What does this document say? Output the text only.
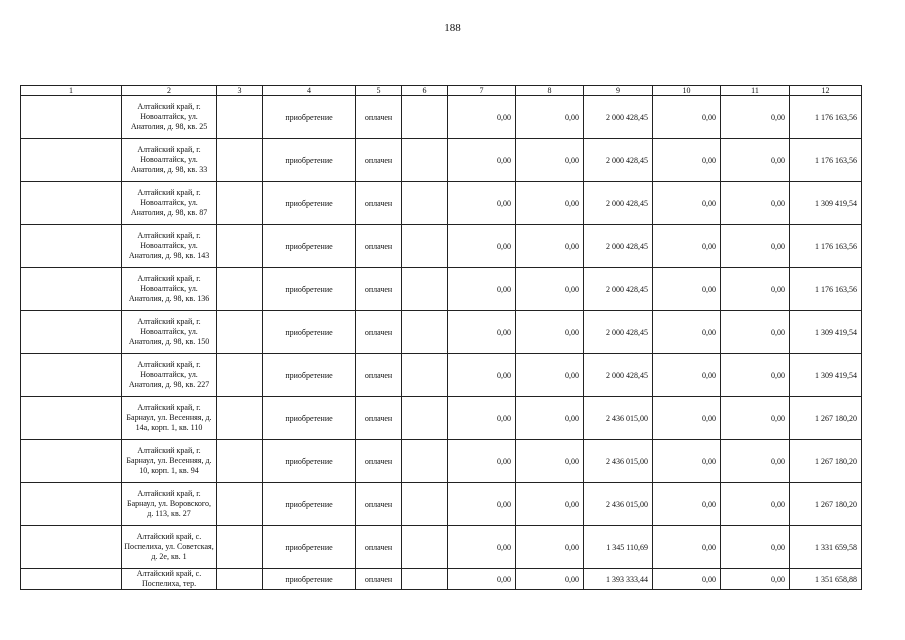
188
1	2	3	4	5	6	7	8	9	10	11	12
	Алтайский край, г. Новоалтайск, ул. Анатолия, д. 98, кв. 25		приобретение	оплачен		0,00	0,00	2 000 428,45	0,00	0,00	1 176 163,56
	Алтайский край, г. Новоалтайск, ул. Анатолия, д. 98, кв. 33		приобретение	оплачен		0,00	0,00	2 000 428,45	0,00	0,00	1 176 163,56
	Алтайский край, г. Новоалтайск, ул. Анатолия, д. 98, кв. 87		приобретение	оплачен		0,00	0,00	2 000 428,45	0,00	0,00	1 309 419,54
	Алтайский край, г. Новоалтайск, ул. Анатолия, д. 98, кв. 143		приобретение	оплачен		0,00	0,00	2 000 428,45	0,00	0,00	1 176 163,56
	Алтайский край, г. Новоалтайск, ул. Анатолия, д. 98, кв. 136		приобретение	оплачен		0,00	0,00	2 000 428,45	0,00	0,00	1 176 163,56
	Алтайский край, г. Новоалтайск, ул. Анатолия, д. 98, кв. 150		приобретение	оплачен		0,00	0,00	2 000 428,45	0,00	0,00	1 309 419,54
	Алтайский край, г. Новоалтайск, ул. Анатолия, д. 98, кв. 227		приобретение	оплачен		0,00	0,00	2 000 428,45	0,00	0,00	1 309 419,54
	Алтайский край, г. Барнаул, ул. Весенняя, д. 14а, корп. 1, кв. 110		приобретение	оплачен		0,00	0,00	2 436 015,00	0,00	0,00	1 267 180,20
	Алтайский край, г. Барнаул, ул. Весенняя, д. 10, корп. 1, кв. 94		приобретение	оплачен		0,00	0,00	2 436 015,00	0,00	0,00	1 267 180,20
	Алтайский край, г. Барнаул, ул. Воровского, д. 113, кв. 27		приобретение	оплачен		0,00	0,00	2 436 015,00	0,00	0,00	1 267 180,20
	Алтайский край, с. Поспелиха, ул. Советская, д. 2е, кв. 1		приобретение	оплачен		0,00	0,00	1 345 110,69	0,00	0,00	1 331 659,58
	Алтайский край, с. Поспелиха, тер.		приобретение	оплачен		0,00	0,00	1 393 333,44	0,00	0,00	1 351 658,88
